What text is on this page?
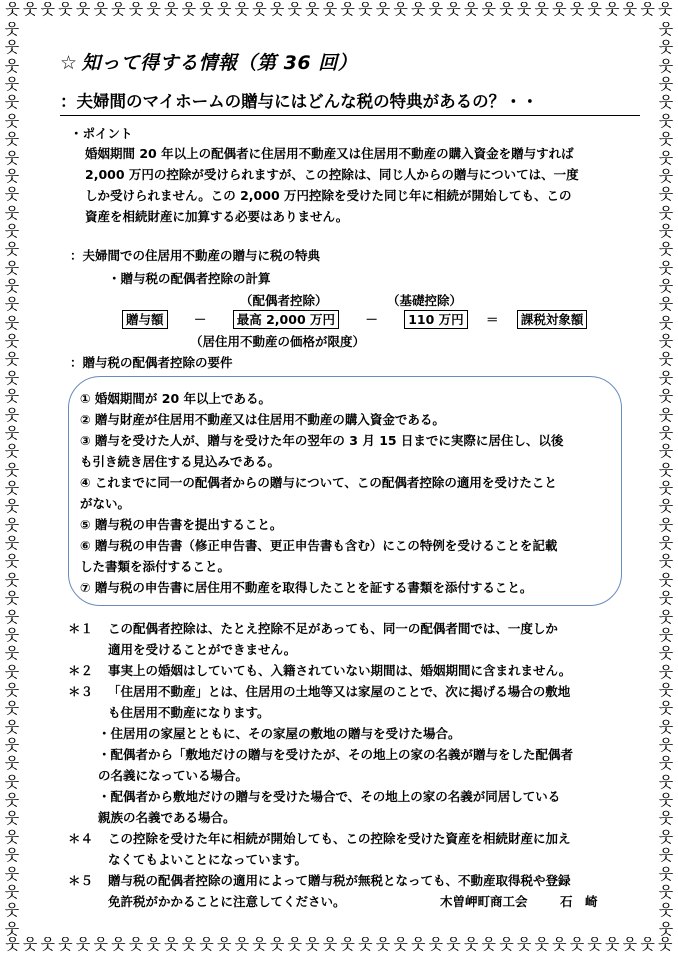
웃 웃 웃 웃 웃 웃 웃 웃 웃 웃 웃 웃 웃 웃 웃 웃 웃 웃 웃 웃 웃 웃 웃 웃 웃 웃 웃 웃 웃 웃 웃 웃 웃 웃 웃 웃 웃 웃
웃 웃 웃 웃 웃 웃 웃 웃 웃 웃 웃 웃 웃 웃 웃 웃 웃 웃 웃 웃 웃 웃 웃 웃 웃 웃 웃 웃 웃 웃 웃 웃 웃 웃 웃 웃 웃 웃
웃
웃
웃
웃
웃
웃
웃
웃
웃
웃
웃
웃
웃
웃
웃
웃
웃
웃
웃
웃
웃
웃
웃
웃
웃
웃
웃
웃
웃
웃
웃
웃
웃
웃
웃
웃
웃
웃
웃
웃
웃
웃
웃
웃
웃
웃
웃
웃
웃
웃
웃
웃
웃
웃
웃
웃
웃
웃
웃
웃
웃
웃
웃
웃
웃
웃
웃
웃
웃
웃
웃
웃
웃
웃
웃
웃
웃
웃
웃
웃
웃
웃
웃
웃
웃
웃
웃
웃
웃
웃
웃
웃
웃
웃
웃
웃
웃
웃
웃
웃
☆ 知って得する情報（第 36 回）
：夫婦間のマイホームの贈与にはどんな税の特典があるの？・・
・ポイント
婚姻期間 20 年以上の配偶者に住居用不動産又は住居用不動産の購入資金を贈与すれば
2,000 万円の控除が受けられますが、この控除は、同じ人からの贈与については、一度
しか受けられません。この 2,000 万円控除を受けた同じ年に相続が開始しても、この
資産を相続財産に加算する必要はありません。
：夫婦間での住居用不動産の贈与に税の特典
・贈与税の配偶者控除の計算
（配偶者控除）	（基礎控除）
贈与額 － 最高 2,000 万円 － 110 万円 ＝ 課税対象額
（居住用不動産の価格が限度）
：贈与税の配偶者控除の要件
① 婚姻期間が 20 年以上である。
② 贈与財産が住居用不動産又は住居用不動産の購入資金である。
③ 贈与を受けた人が、贈与を受けた年の翌年の 3 月 15 日までに実際に居住し、以後
も引き続き居住する見込みである。
④ これまでに同一の配偶者からの贈与について、この配偶者控除の適用を受けたこと
がない。
⑤ 贈与税の申告書を提出すること。
⑥ 贈与税の申告書（修正申告書、更正申告書も含む）にこの特例を受けることを記載
した書類を添付すること。
⑦ 贈与税の申告書に居住用不動産を取得したことを証する書類を添付すること。
＊１ この配偶者控除は、たとえ控除不足があっても、同一の配偶者間では、一度しか
適用を受けることができません。
＊２ 事実上の婚姻はしていても、入籍されていない期間は、婚姻期間に含まれません。
＊３ 「住居用不動産」とは、住居用の土地等又は家屋のことで、次に掲げる場合の敷地
も住居用不動産になります。
・住居用の家屋とともに、その家屋の敷地の贈与を受けた場合。
・配偶者から「敷地だけの贈与を受けたが、その地上の家の名義が贈与をした配偶者
の名義になっている場合。
・配偶者から敷地だけの贈与を受けた場合で、その地上の家の名義が同居している
親族の名義である場合。
＊４ この控除を受けた年に相続が開始しても、この控除を受けた資産を相続財産に加え
なくてもよいことになっています。
＊５ 贈与税の配偶者控除の適用によって贈与税が無税となっても、不動産取得税や登録
免許税がかかることに注意してください。	木曽岬町商工会	石　崎
